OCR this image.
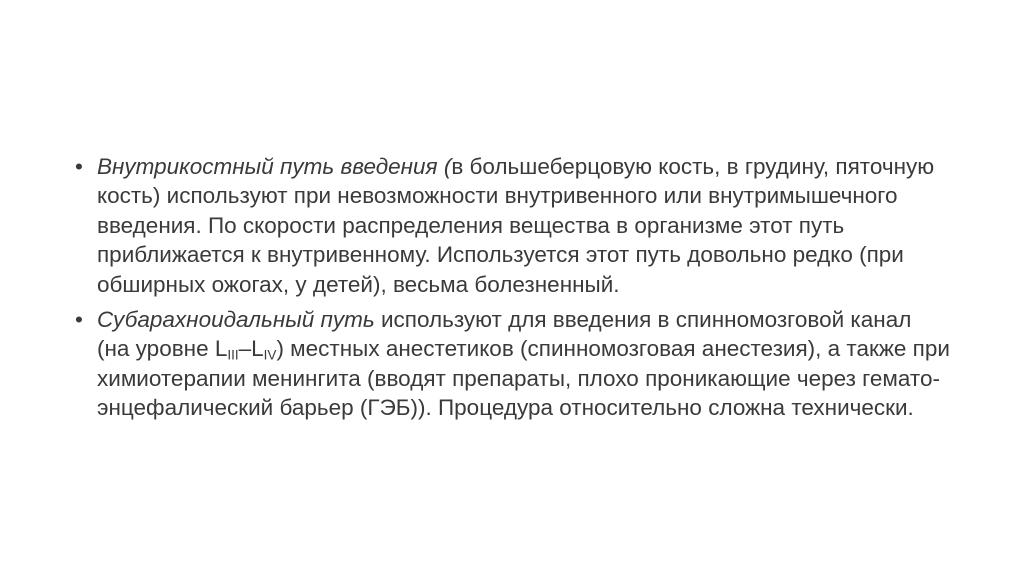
• Внутрикостный путь введения (в большеберцовую кость, в грудину, пяточную кость) используют при невозможности внутривенного или внутримышечного введения. По скорости распределения вещества в организме этот путь приближается к внутривенному. Используется этот путь довольно редко (при обширных ожогах, у детей), весьма болезненный.
• Субарахноидальный путь используют для введения в спинномозговой канал (на уровне $L_{III}-L_{IV}$) местных анестетиков (спинномозговая анестезия), а также при химиотерапии менингита (вводят препараты, плохо проникающие через гемато-энцефалический барьер (ГЭБ)). Процедура относительно сложна технически.
